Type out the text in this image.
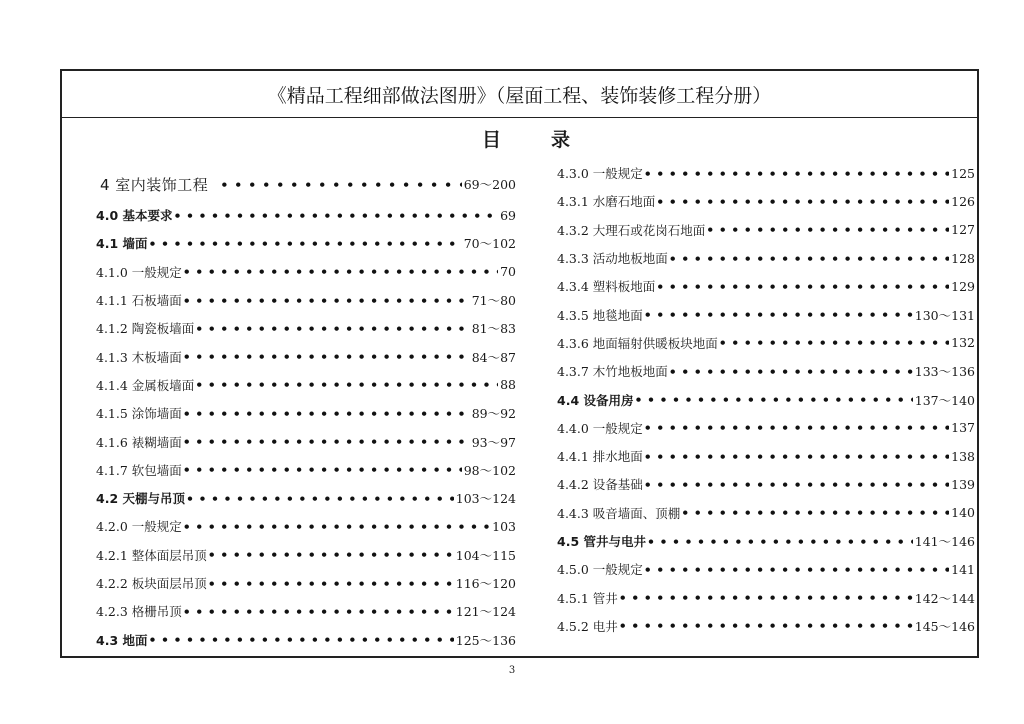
《精品工程细部做法图册》（屋面工程、装饰装修工程分册）
目	录
4 室内装饰工程 •••••	69～200
4.0 基本要求 •••••	69
4.1 墙面 •••••	70～102
4.1.0 一般规定 •••••	70
4.1.1 石板墙面 •••••	71～80
4.1.2 陶瓷板墙面 •••••	81～83
4.1.3 木板墙面 •••••	84～87
4.1.4 金属板墙面 •••••	88
4.1.5 涂饰墙面 •••••	89～92
4.1.6 裱糊墙面 •••••	93～97
4.1.7 软包墙面 •••••	98～102
4.2 天棚与吊顶 •••••	103～124
4.2.0 一般规定 •••••	103
4.2.1 整体面层吊顶 •••••	104～115
4.2.2 板块面层吊顶 •••••	116～120
4.2.3 格栅吊顶 •••••	121～124
4.3 地面 •••••	125～136
4.3.0 一般规定 •••••	125
4.3.1 水磨石地面 •••••	126
4.3.2 大理石或花岗石地面 •••••	127
4.3.3 活动地板地面 •••••	128
4.3.4 塑料板地面 •••••	129
4.3.5 地毯地面 •••••	130～131
4.3.6 地面辐射供暖板块地面 •••••	132
4.3.7 木竹地板地面 •••••	133～136
4.4 设备用房 •••••	137～140
4.4.0 一般规定 •••••	137
4.4.1 排水地面 •••••	138
4.4.2 设备基础 •••••	139
4.4.3 吸音墙面、顶棚 •••••	140
4.5 管井与电井 •••••	141～146
4.5.0 一般规定 •••••	141
4.5.1 管井 •••••	142～144
4.5.2 电井 •••••	145～146
3
